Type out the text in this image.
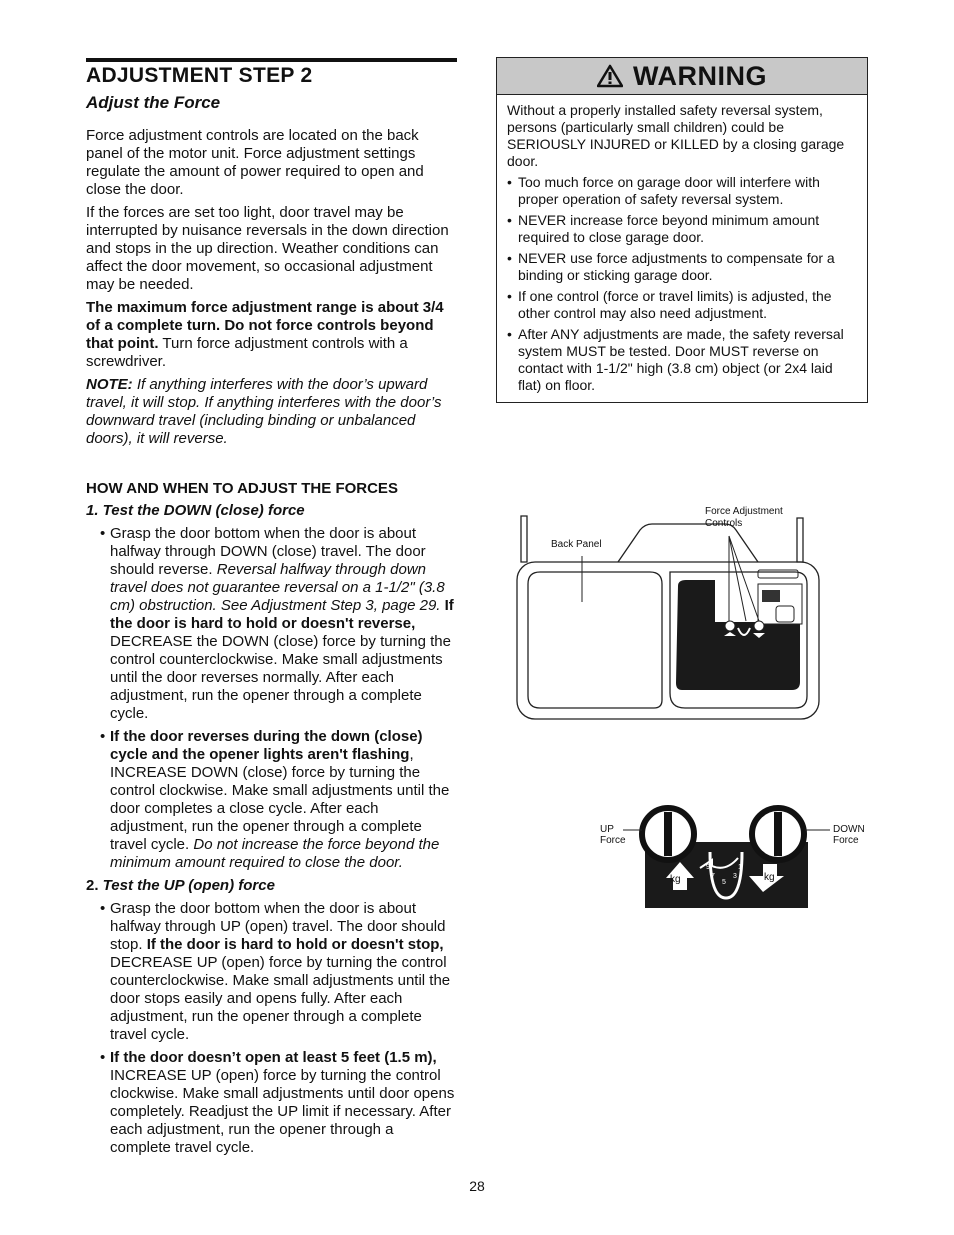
ADJUSTMENT STEP 2
Adjust the Force

Force adjustment controls are located on the back panel of the motor unit. Force adjustment settings regulate the amount of power required to open and close the door.

If the forces are set too light, door travel may be interrupted by nuisance reversals in the down direction and stops in the up direction. Weather conditions can affect the door movement, so occasional adjustment may be needed.

The maximum force adjustment range is about 3/4 of a complete turn. Do not force controls beyond that point. Turn force adjustment controls with a screwdriver.

NOTE: If anything interferes with the door’s upward travel, it will stop. If anything interferes with the door’s downward travel (including binding or unbalanced doors), it will reverse.

HOW AND WHEN TO ADJUST THE FORCES
1. Test the DOWN (close) force
• Grasp the door bottom when the door is about halfway through DOWN (close) travel. The door should reverse. Reversal halfway through down travel does not guarantee reversal on a 1-1/2" (3.8 cm) obstruction. See Adjustment Step 3, page 29. If the door is hard to hold or doesn't reverse, DECREASE the DOWN (close) force by turning the control counterclockwise. Make small adjustments until the door reverses normally. After each adjustment, run the opener through a complete cycle.
• If the door reverses during the down (close) cycle and the opener lights aren't flashing, INCREASE DOWN (close) force by turning the control clockwise. Make small adjustments until the door completes a close cycle. After each adjustment, run the opener through a complete travel cycle. Do not increase the force beyond the minimum amount required to close the door.
2. Test the UP (open) force
• Grasp the door bottom when the door is about halfway through UP (open) travel. The door should stop. If the door is hard to hold or doesn't stop, DECREASE UP (open) force by turning the control counterclockwise. Make small adjustments until the door stops easily and opens fully. After each adjustment, run the opener through a complete travel cycle.
• If the door doesn’t open at least 5 feet (1.5 m), INCREASE UP (open) force by turning the control clockwise. Make small adjustments until door opens completely. Readjust the UP limit if necessary. After each adjustment, run the opener through a complete travel cycle.
WARNING

Without a properly installed safety reversal system, persons (particularly small children) could be SERIOUSLY INJURED or KILLED by a closing garage door.

• Too much force on garage door will interfere with proper operation of safety reversal system.
• NEVER increase force beyond minimum amount required to close garage door.
• NEVER use force adjustments to compensate for a binding or sticking garage door.
• If one control (force or travel limits) is adjusted, the other control may also need adjustment.
• After ANY adjustments are made, the safety reversal system MUST be tested. Door MUST reverse on contact with 1-1/2" high (3.8 cm) object (or 2x4 laid flat) on floor.
Back Panel
Force Adjustment
Controls
kg	kg
9
7
5
3
1
UP
Force
DOWN
Force
28
